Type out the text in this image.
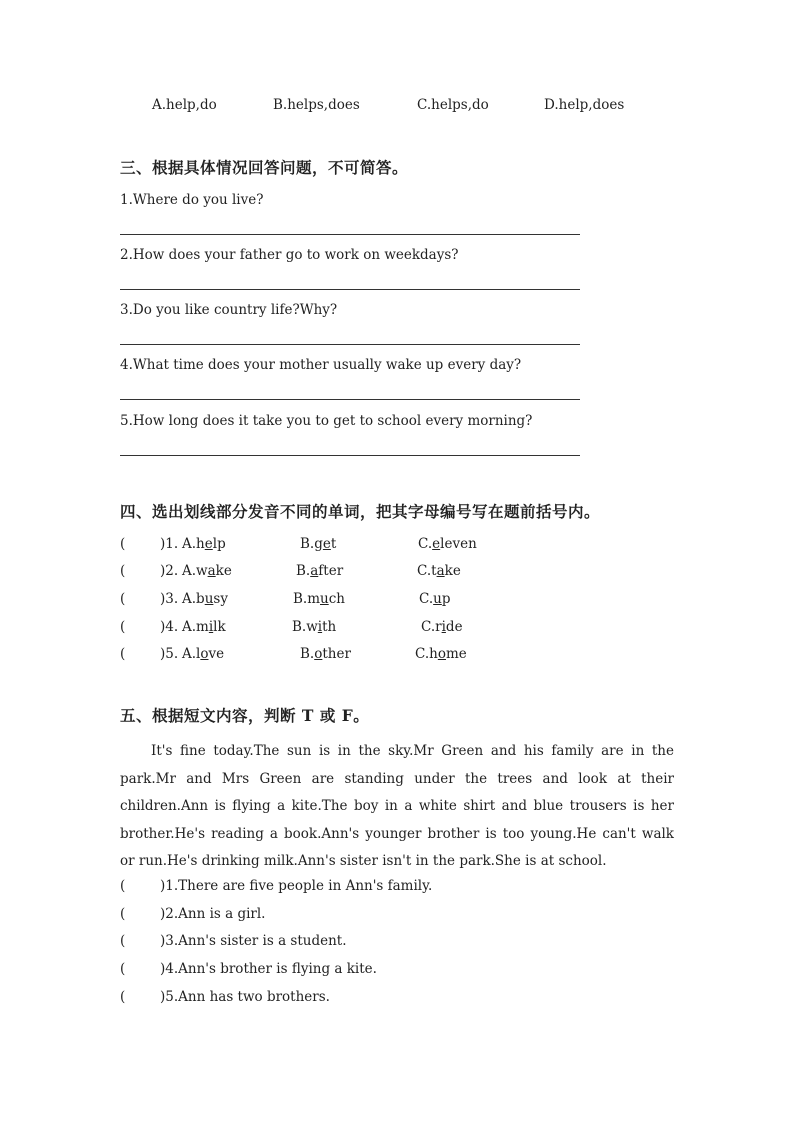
A.help,do	B.helps,does	C.helps,do	D.help,does
三、根据具体情况回答问题，不可简答。
1.Where do you live?
2.How does your father go to work on weekdays?
3.Do you like country life?Why?
4.What time does your mother usually wake up every day?
5.How long does it take you to get to school every morning?
四、选出划线部分发音不同的单词，把其字母编号写在题前括号内。
(	)1. A.help	B.get	C.eleven
(	)2. A.wake	B.after	C.take
(	)3. A.busy	B.much	C.up
(	)4. A.milk	B.with	C.ride
(	)5. A.love	B.other	C.home
五、根据短文内容，判断 T 或 F。

It's fine today.The sun is in the sky.Mr Green and his family are in the park.Mr and Mrs Green are standing under the trees and look at their children.Ann is flying a kite.The boy in a white shirt and blue trousers is her brother.He's reading a book.Ann's younger brother is too young.He can't walk or run.He's drinking milk.Ann's sister isn't in the park.She is at school.

(	)1.There are five people in Ann's family.
(	)2.Ann is a girl.
(	)3.Ann's sister is a student.
(	)4.Ann's brother is flying a kite.
(	)5.Ann has two brothers.
